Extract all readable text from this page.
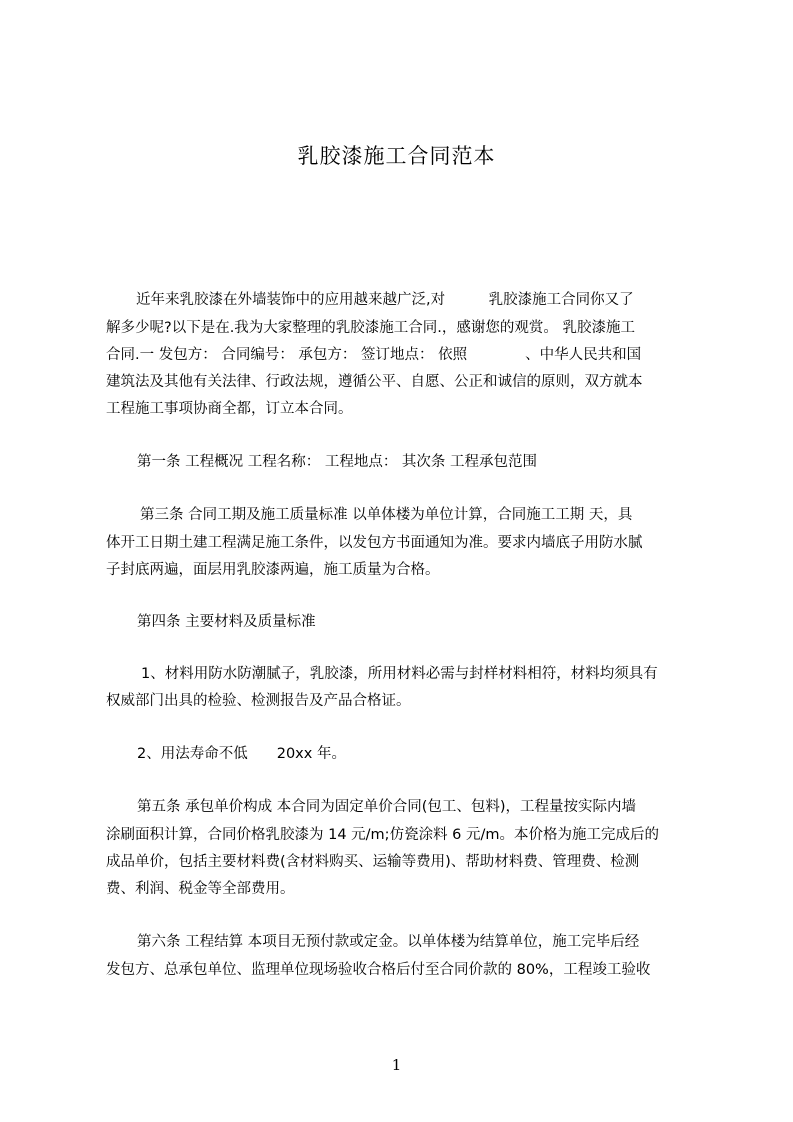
乳胶漆施工合同范本
近年来乳胶漆在外墙装饰中的应用越来越广泛,对　　　乳胶漆施工合同你又了
解多少呢?以下是在.我为大家整理的乳胶漆施工合同.，感谢您的观赏。 乳胶漆施工
合同.一 发包方： 合同编号： 承包方： 签订地点： 依照　　　　、中华人民共和国
建筑法及其他有关法律、行政法规，遵循公平、自愿、公正和诚信的原则，双方就本
工程施工事项协商全都，订立本合同。
第一条 工程概况 工程名称： 工程地点： 其次条 工程承包范围
第三条 合同工期及施工质量标准 以单体楼为单位计算，合同施工工期 天，具
体开工日期土建工程满足施工条件，以发包方书面通知为准。要求内墙底子用防水腻
子封底两遍，面层用乳胶漆两遍，施工质量为合格。
第四条 主要材料及质量标准
1、材料用防水防潮腻子，乳胶漆，所用材料必需与封样材料相符，材料均须具有
权威部门出具的检验、检测报告及产品合格证。
2、用法寿命不低　　20xx 年。
第五条 承包单价构成 本合同为固定单价合同(包工、包料)，工程量按实际内墙
涂刷面积计算，合同价格乳胶漆为 14 元/m;仿瓷涂料 6 元/m。本价格为施工完成后的
成品单价，包括主要材料费(含材料购买、运输等费用)、帮助材料费、管理费、检测
费、利润、税金等全部费用。
第六条 工程结算 本项目无预付款或定金。以单体楼为结算单位，施工完毕后经
发包方、总承包单位、监理单位现场验收合格后付至合同价款的 80%，工程竣工验收
1
